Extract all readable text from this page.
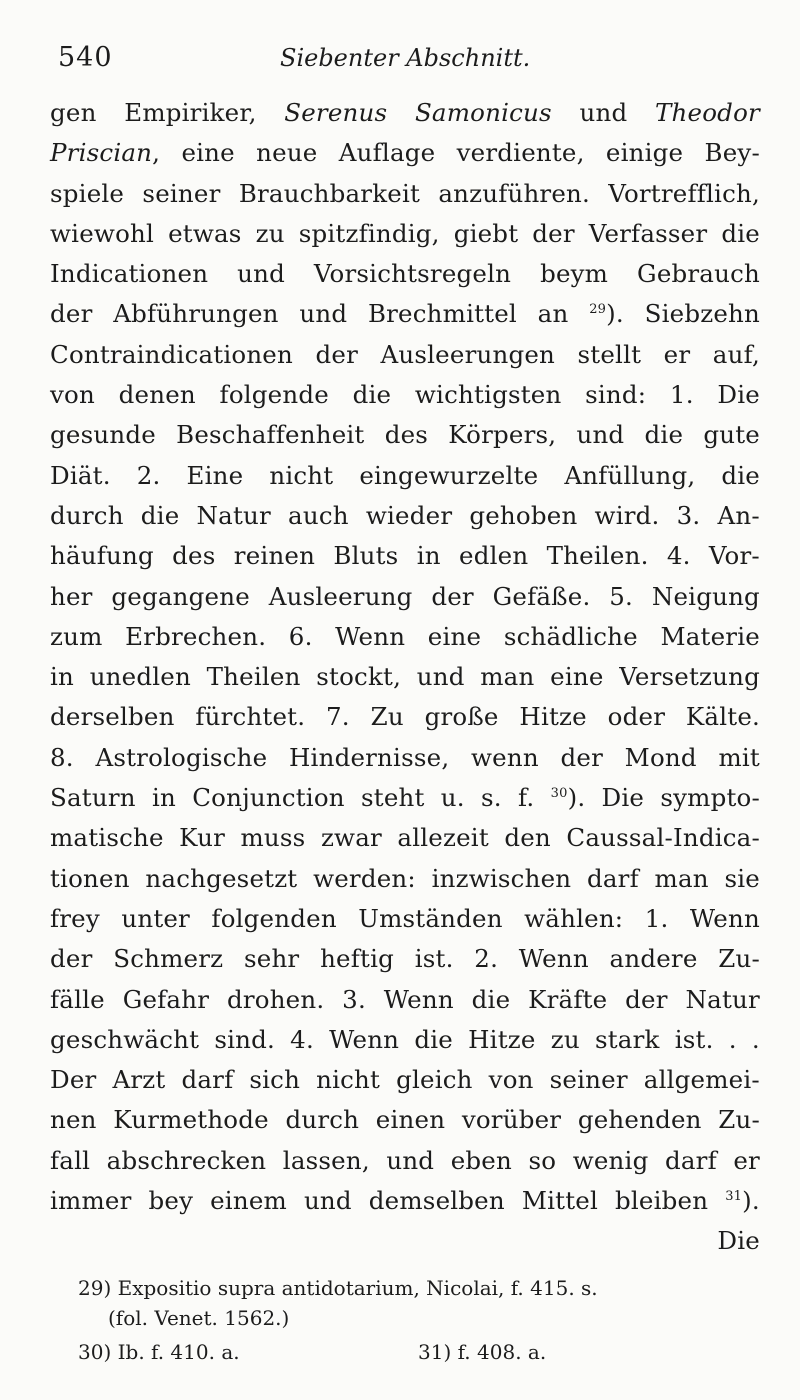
540	Siebenter Abschnitt.
gen Empiriker, Serenus Samonicus und Theodor
Priscian, eine neue Auflage verdiente, einige Bey-
spiele seiner Brauchbarkeit anzuführen. Vortrefflich,
wiewohl etwas zu spitzfindig, giebt der Verfasser die
Indicationen und Vorsichtsregeln beym Gebrauch
der Abführungen und Brechmittel an $^{29}$). Siebzehn
Contraindicationen der Ausleerungen stellt er auf,
von denen folgende die wichtigsten sind: 1. Die
gesunde Beschaffenheit des Körpers, und die gute
Diät. 2. Eine nicht eingewurzelte Anfüllung, die
durch die Natur auch wieder gehoben wird. 3. An-
häufung des reinen Bluts in edlen Theilen. 4. Vor-
her gegangene Ausleerung der Gefäße. 5. Neigung
zum Erbrechen. 6. Wenn eine schädliche Materie
in unedlen Theilen stockt, und man eine Versetzung
derselben fürchtet. 7. Zu große Hitze oder Kälte.
8. Astrologische Hindernisse, wenn der Mond mit
Saturn in Conjunction steht u. s. f. $^{30}$). Die sympto-
matische Kur muss zwar allezeit den Caussal-Indica-
tionen nachgesetzt werden: inzwischen darf man sie
frey unter folgenden Umständen wählen: 1. Wenn
der Schmerz sehr heftig ist. 2. Wenn andere Zu-
fälle Gefahr drohen. 3. Wenn die Kräfte der Natur
geschwächt sind. 4. Wenn die Hitze zu stark ist. . .
Der Arzt darf sich nicht gleich von seiner allgemei-
nen Kurmethode durch einen vorüber gehenden Zu-
fall abschrecken lassen, und eben so wenig darf er
immer bey einem und demselben Mittel bleiben $^{31}$).
Die
29) Expositio supra antidotarium, Nicolai, f. 415. s.
(fol. Venet. 1562.)
30) Ib. f. 410. a.	31) f. 408. a.
